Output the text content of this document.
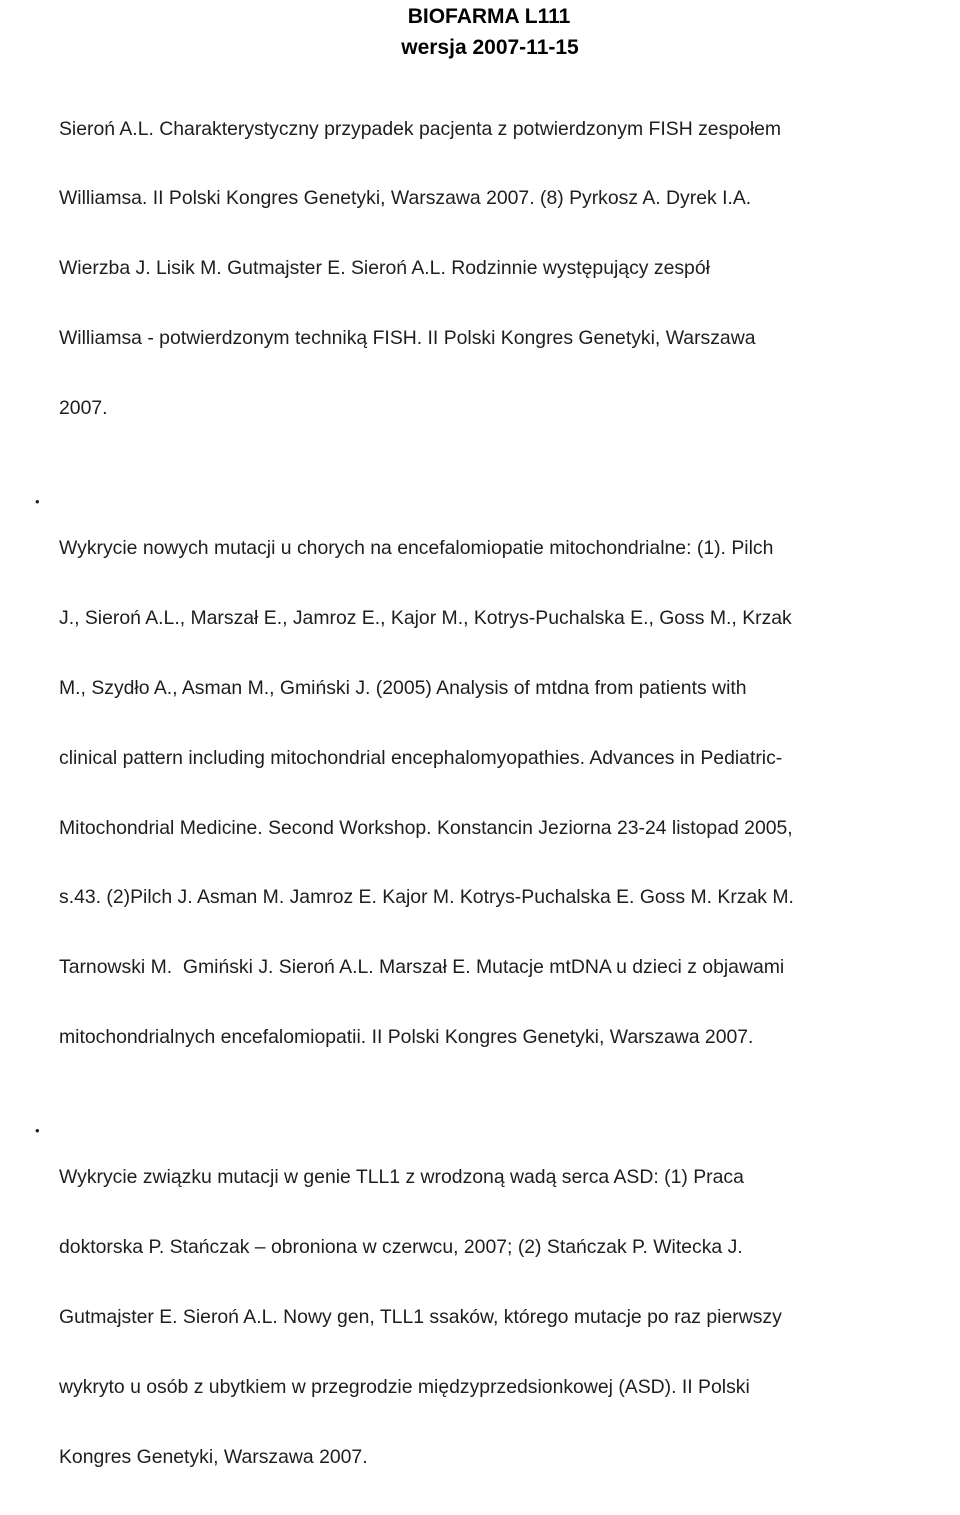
BIOFARMA L111
wersja 2007-11-15

Sieroń A.L. Charakterystyczny przypadek pacjenta z potwierdzonym FISH zespołem

Williamsa. II Polski Kongres Genetyki, Warszawa 2007. (8) Pyrkosz A. Dyrek I.A.

Wierzba J. Lisik M. Gutmajster E. Sieroń A.L. Rodzinnie występujący zespół

Williamsa - potwierdzonym techniką FISH. II Polski Kongres Genetyki, Warszawa

2007.

•

Wykrycie nowych mutacji u chorych na encefalomiopatie mitochondrialne: (1). Pilch

J., Sieroń A.L., Marszał E., Jamroz E., Kajor M., Kotrys-Puchalska E., Goss M., Krzak

M., Szydło A., Asman M., Gmiński J. (2005) Analysis of mtdna from patients with

clinical pattern including mitochondrial encephalomyopathies. Advances in Pediatric-

Mitochondrial Medicine. Second Workshop. Konstancin Jeziorna 23-24 listopad 2005,

s.43. (2)Pilch J. Asman M. Jamroz E. Kajor M. Kotrys-Puchalska E. Goss M. Krzak M.

Tarnowski M.  Gmiński J. Sieroń A.L. Marszał E. Mutacje mtDNA u dzieci z objawami

mitochondrialnych encefalomiopatii. II Polski Kongres Genetyki, Warszawa 2007.

•

Wykrycie związku mutacji w genie TLL1 z wrodzoną wadą serca ASD: (1) Praca

doktorska P. Stańczak – obroniona w czerwcu, 2007; (2) Stańczak P. Witecka J.

Gutmajster E. Sieroń A.L. Nowy gen, TLL1 ssaków, którego mutacje po raz pierwszy

wykryto u osób z ubytkiem w przegrodzie międzyprzedsionkowej (ASD). II Polski

Kongres Genetyki, Warszawa 2007.
